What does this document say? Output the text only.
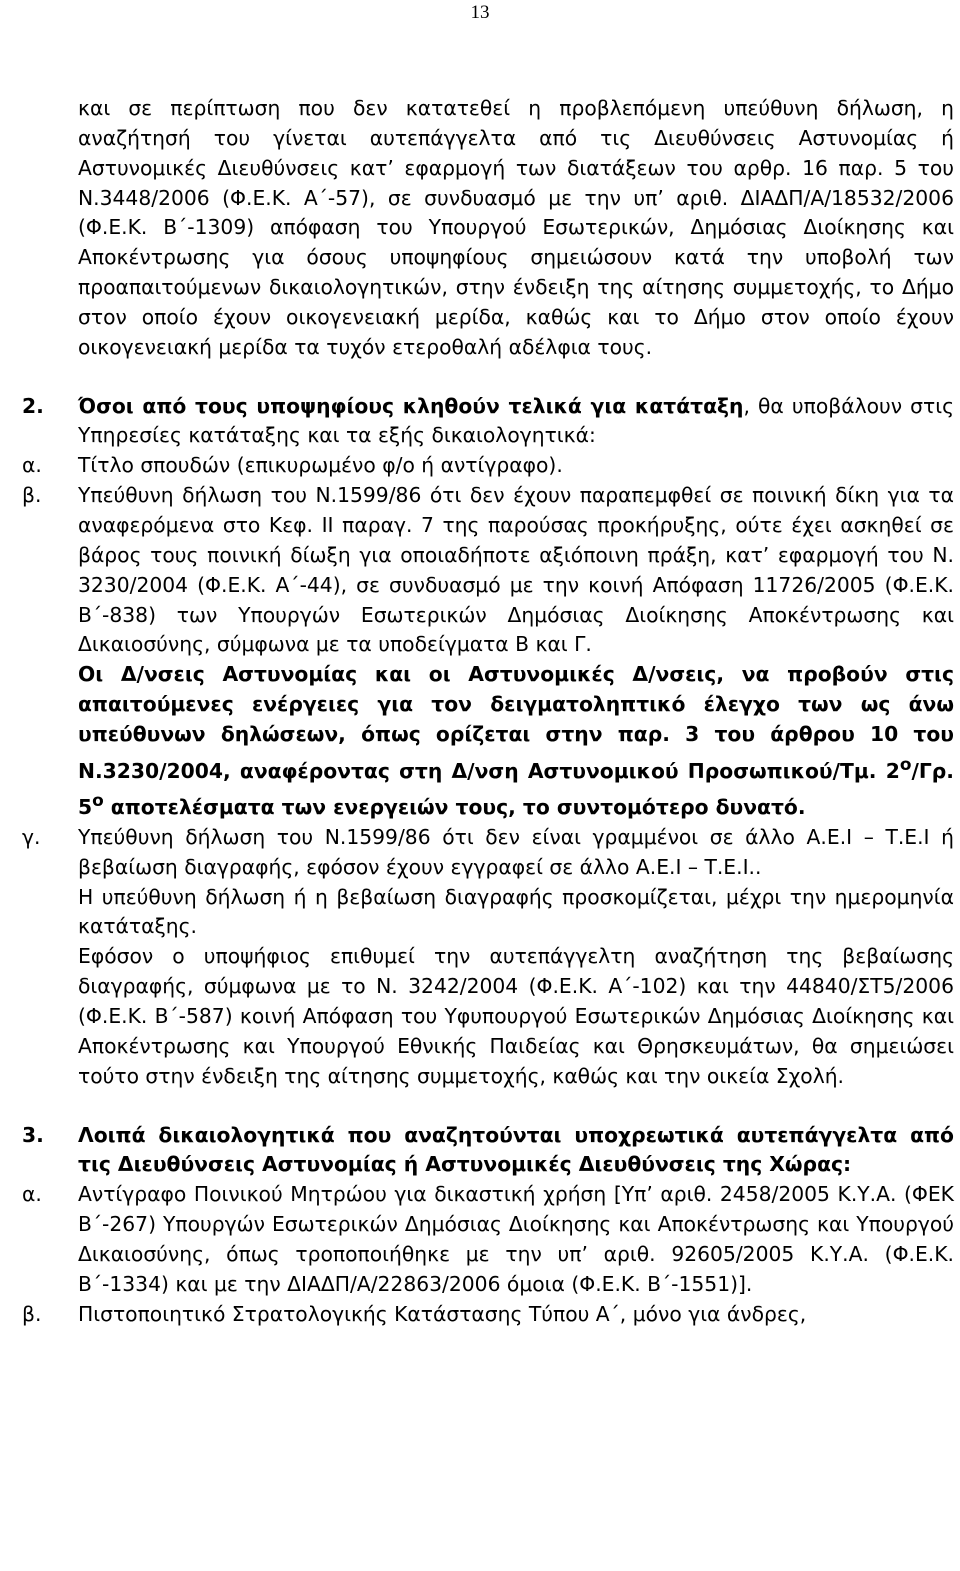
13

και σε περίπτωση που δεν κατατεθεί η προβλεπόμενη υπεύθυνη δήλωση, η αναζήτησή του γίνεται αυτεπάγγελτα από τις Διευθύνσεις Αστυνομίας ή Αστυνομικές Διευθύνσεις κατ’ εφαρμογή των διατάξεων του αρθρ. 16 παρ. 5 του Ν.3448/2006 (Φ.Ε.Κ. Α΄-57), σε συνδυασμό με την υπ’ αριθ. ΔΙΑΔΠ/Α/18532/2006 (Φ.Ε.Κ. Β΄-1309) απόφαση του Υπουργού Εσωτερικών, Δημόσιας Διοίκησης και Αποκέντρωσης για όσους υποψηφίους σημειώσουν κατά την υποβολή των προαπαιτούμενων δικαιολογητικών, στην ένδειξη της αίτησης συμμετοχής, το Δήμο στον οποίο έχουν οικογενειακή μερίδα, καθώς και το Δήμο στον οποίο έχουν οικογενειακή μερίδα τα τυχόν ετεροθαλή αδέλφια τους.

2.	Όσοι από τους υποψηφίους κληθούν τελικά για κατάταξη, θα υποβάλουν στις Υπηρεσίες κατάταξης και τα εξής δικαιολογητικά:

α.	Τίτλο σπουδών (επικυρωμένο φ/ο ή αντίγραφο).

β.	Υπεύθυνη δήλωση του Ν.1599/86 ότι δεν έχουν παραπεμφθεί σε ποινική δίκη για τα αναφερόμενα στο Κεφ. ΙΙ παραγ. 7 της παρούσας προκήρυξης, ούτε έχει ασκηθεί σε βάρος τους ποινική δίωξη για οποιαδήποτε αξιόποινη πράξη, κατ’ εφαρμογή του Ν. 3230/2004 (Φ.Ε.Κ. Α΄-44), σε συνδυασμό με την κοινή Απόφαση 11726/2005 (Φ.Ε.Κ. Β΄-838) των Υπουργών Εσωτερικών Δημόσιας Διοίκησης Αποκέντρωσης και Δικαιοσύνης, σύμφωνα με τα υποδείγματα Β και Γ.

Οι Δ/νσεις Αστυνομίας και οι Αστυνομικές Δ/νσεις, να προβούν στις απαιτούμενες ενέργειες για τον δειγματοληπτικό έλεγχο των ως άνω υπεύθυνων δηλώσεων, όπως ορίζεται στην παρ. 3 του άρθρου 10 του Ν.3230/2004, αναφέροντας στη Δ/νση Αστυνομικού Προσωπικού/Τμ. $2^o/\Gamma\rho$. $5^o$ αποτελέσματα των ενεργειών τους, το συντομότερο δυνατό.

γ.	Υπεύθυνη δήλωση του Ν.1599/86 ότι δεν είναι γραμμένοι σε άλλο Α.Ε.Ι – Τ.Ε.Ι ή βεβαίωση διαγραφής, εφόσον έχουν εγγραφεί σε άλλο Α.Ε.Ι – Τ.Ε.Ι..

Η υπεύθυνη δήλωση ή η βεβαίωση διαγραφής προσκομίζεται, μέχρι την ημερομηνία κατάταξης.

Εφόσον ο υποψήφιος επιθυμεί την αυτεπάγγελτη αναζήτηση της βεβαίωσης διαγραφής, σύμφωνα με το Ν. 3242/2004 (Φ.Ε.Κ. Α΄-102) και την 44840/ΣΤ5/2006 (Φ.Ε.Κ. Β΄-587) κοινή Απόφαση του Υφυπουργού Εσωτερικών Δημόσιας Διοίκησης και Αποκέντρωσης και Υπουργού Εθνικής Παιδείας και Θρησκευμάτων, θα σημειώσει τούτο στην ένδειξη της αίτησης συμμετοχής, καθώς και την οικεία Σχολή.

3.	Λοιπά δικαιολογητικά που αναζητούνται υποχρεωτικά αυτεπάγγελτα από τις Διευθύνσεις Αστυνομίας ή Αστυνομικές Διευθύνσεις της Χώρας:

α.	Αντίγραφο Ποινικού Μητρώου για δικαστική χρήση [Υπ’ αριθ. 2458/2005 Κ.Υ.Α. (ΦΕΚ Β΄-267) Υπουργών Εσωτερικών Δημόσιας Διοίκησης και Αποκέντρωσης και Υπουργού Δικαιοσύνης, όπως τροποποιήθηκε με την υπ’ αριθ. 92605/2005 Κ.Υ.Α. (Φ.Ε.Κ. Β΄-1334) και με την ΔΙΑΔΠ/Α/22863/2006 όμοια (Φ.Ε.Κ. Β΄-1551)].

β.	Πιστοποιητικό Στρατολογικής Κατάστασης Τύπου Α΄, μόνο για άνδρες,
